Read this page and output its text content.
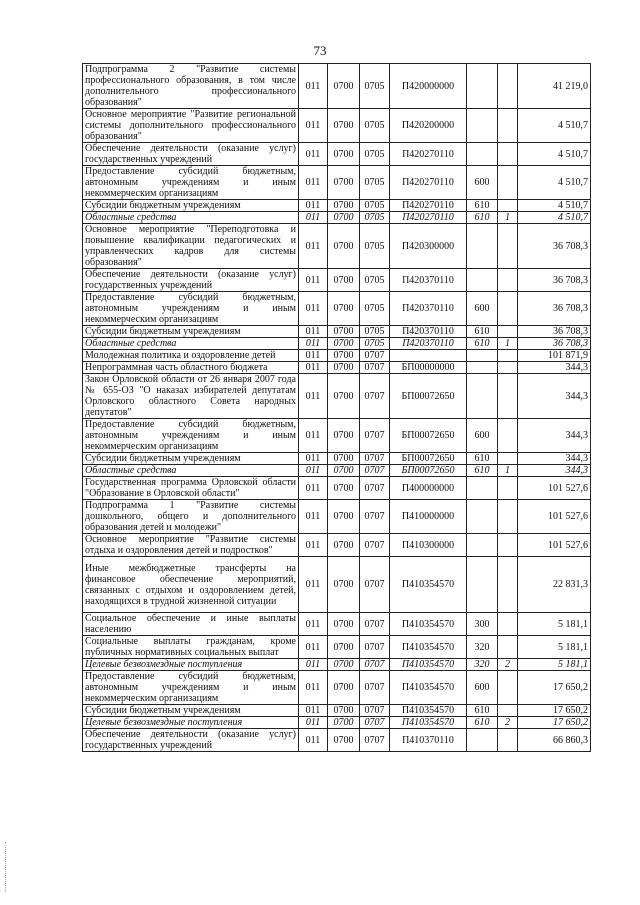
73
Подпрограмма 2 "Развитие системы профессионального образования, в том числе дополнительного профессионального образования"	011	0700	0705	П420000000			41 219,0
Основное мероприятие "Развитие региональной системы дополнительного профессионального образования"	011	0700	0705	П420200000			4 510,7
Обеспечение деятельности (оказание услуг) государственных учреждений	011	0700	0705	П420270110			4 510,7
Предоставление субсидий бюджетным, автономным учреждениям и иным некоммерческим организациям	011	0700	0705	П420270110	600		4 510,7
Субсидии бюджетным учреждениям	011	0700	0705	П420270110	610		4 510,7
Областные средства	011	0700	0705	П420270110	610	1	4 510,7
Основное мероприятие "Переподготовка и повышение квалификации педагогических и управленческих кадров для системы образования"	011	0700	0705	П420300000			36 708,3
Обеспечение деятельности (оказание услуг) государственных учреждений	011	0700	0705	П420370110			36 708,3
Предоставление субсидий бюджетным, автономным учреждениям и иным некоммерческим организациям	011	0700	0705	П420370110	600		36 708,3
Субсидии бюджетным учреждениям	011	0700	0705	П420370110	610		36 708,3
Областные средства	011	0700	0705	П420370110	610	1	36 708,3
Молодежная политика и оздоровление детей	011	0700	0707				101 871,9
Непрограммная часть областного бюджета	011	0700	0707	БП00000000			344,3
Закон Орловской области от 26 января 2007 года № 655-ОЗ "О наказах избирателей депутатам Орловского областного Совета народных депутатов"	011	0700	0707	БП00072650			344,3
Предоставление субсидий бюджетным, автономным учреждениям и иным некоммерческим организациям	011	0700	0707	БП00072650	600		344,3
Субсидии бюджетным учреждениям	011	0700	0707	БП00072650	610		344,3
Областные средства	011	0700	0707	БП00072650	610	1	344,3
Государственная программа Орловской области "Образование в Орловской области"	011	0700	0707	П400000000			101 527,6
Подпрограмма 1 "Развитие системы дошкольного, общего и дополнительного образования детей и молодежи"	011	0700	0707	П410000000			101 527,6
Основное мероприятие "Развитие системы отдыха и оздоровления детей и подростков"	011	0700	0707	П410300000			101 527,6
Иные межбюджетные трансферты на финансовое обеспечение мероприятий, связанных с отдыхом и оздоровлением детей, находящихся в трудной жизненной ситуации	011	0700	0707	П410354570			22 831,3
Социальное обеспечение и иные выплаты населению	011	0700	0707	П410354570	300		5 181,1
Социальные выплаты гражданам, кроме публичных нормативных социальных выплат	011	0700	0707	П410354570	320		5 181,1
Целевые безвозмездные поступления	011	0700	0707	П410354570	320	2	5 181,1
Предоставление субсидий бюджетным, автономным учреждениям и иным некоммерческим организациям	011	0700	0707	П410354570	600		17 650,2
Субсидии бюджетным учреждениям	011	0700	0707	П410354570	610		17 650,2
Целевые безвозмездные поступления	011	0700	0707	П410354570	610	2	17 650,2
Обеспечение деятельности (оказание услуг) государственных учреждений	011	0700	0707	П410370110			66 860,3
